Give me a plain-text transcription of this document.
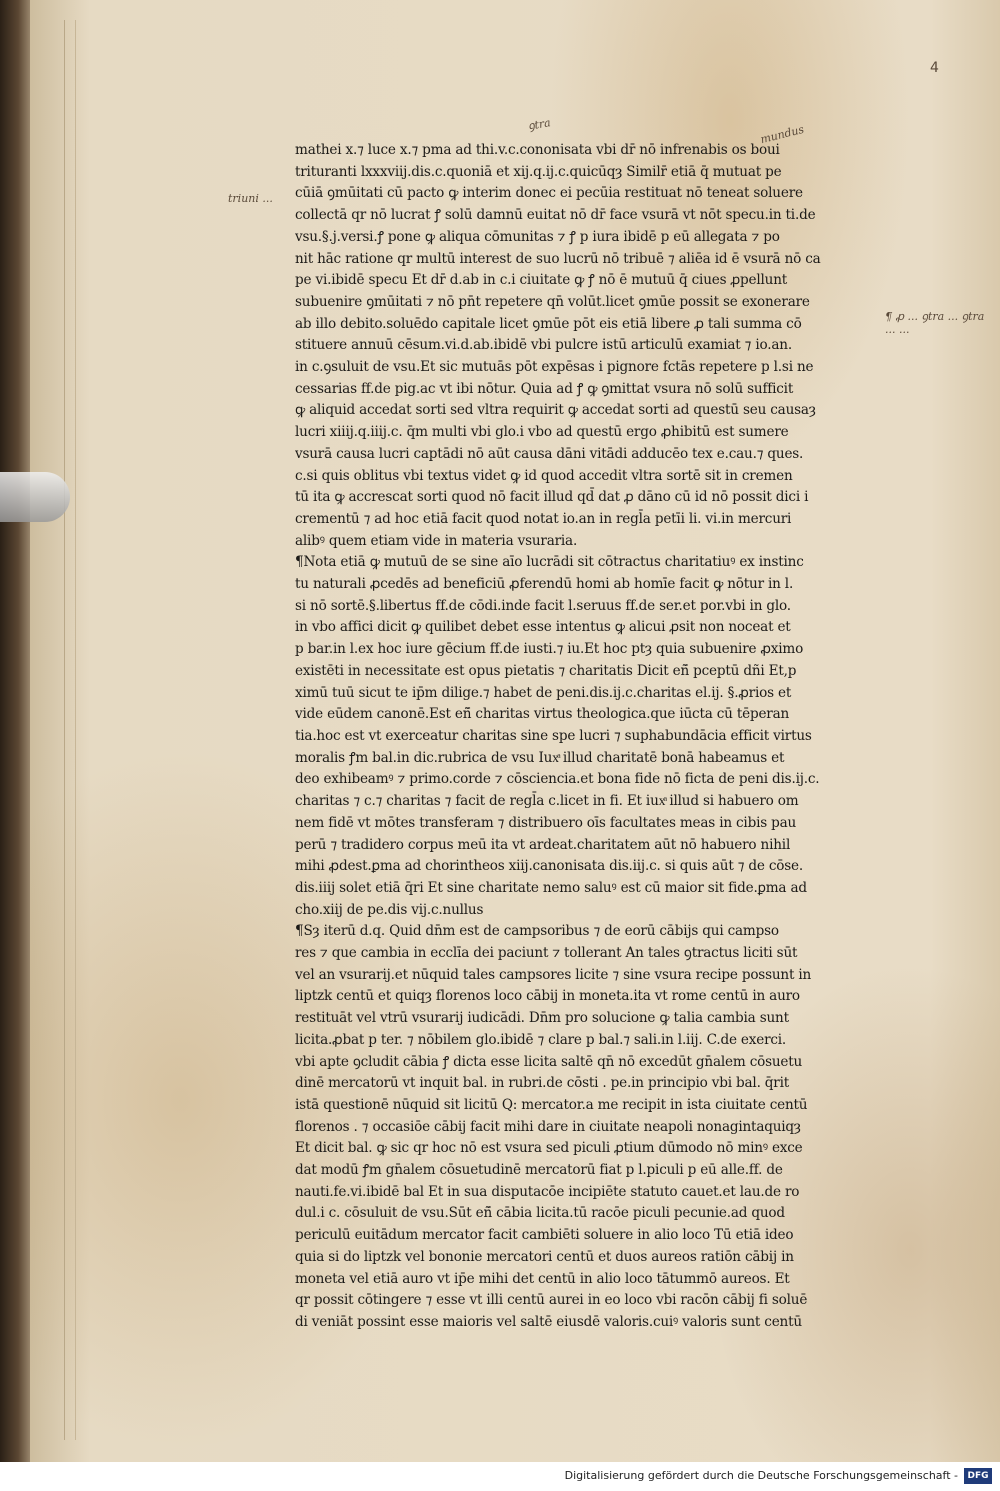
4
ꝯtra	mundus
triuni ...
¶ ꝓ ... ꝯtra ... ꝯtra ... ...

mathei x.⁊ luce x.⁊ pma ad thi.v.c.cononisata vbi dr̄ nō infrenabis os boui

trituranti lxxxviij.dis.c.quoniā et xij.q.ij.c.quicūqȝ Similr̄ etiā q̄ mutuat pe

cūiā ꝯmūitati cū pacto ꝙ interim donec ei pecūia restituat nō teneat soluere

collectā qr nō lucrat ꝭ solū damnū euitat nō dr̄ face vsurā vt nōt specu.in ti.de

vsu.§.j.versi.ꝭ pone ꝙ aliqua cōmunitas ⁊ ꝭ p iura ibidē p eū allegata ⁊ po

nit hāc ratione qr multū interest de suo lucrū nō tribuē ⁊ aliēa id ē vsurā nō ca

pe vi.ibidē specu Et dr̄ d.ab in c.i ciuitate ꝙ ꝭ nō ē mutuū q̄ ciues ꝓpellunt

subuenire ꝯmūitati ⁊ nō pn̄t repetere qn̄ volūt.licet ꝯmūe possit se exonerare

ab illo debito.soluēdo capitale licet ꝯmūe pōt eis etiā libere ꝓ tali summa cō

stituere annuū cēsum.vi.d.ab.ibidē vbi pulcre istū articulū examiat ⁊ io.an.

in c.ꝯsuluit de vsu.Et sic mutuās pōt expēsas i pignore fctās repetere p l.si ne

cessarias ff.de pig.ac vt ibi nōtur. Quia ad ꝭ ꝙ ꝯmittat vsura nō solū sufficit

ꝙ aliquid accedat sorti sed vltra requirit ꝙ accedat sorti ad questū seu causaȝ

lucri xiiij.q.iiij.c. q̄m multi vbi glo.i vbo ad questū ergo ꝓhibitū est sumere

vsurā causa lucri captādi nō aūt causa dāni vitādi adducēo tex e.cau.⁊ ques.

c.si quis oblitus vbi textus videt ꝙ id quod accedit vltra sortē sit in cremen

tū ita ꝙ accrescat sorti quod nō facit illud qd̄ dat ꝓ dāno cū id nō possit dici i

crementū ⁊ ad hoc etiā facit quod notat io.an in regl̄a petīi li. vi.in mercuri

alibꝰ quem etiam vide in materia vsuraria.

¶Nota etiā ꝙ mutuū de se sine aīo lucrādi sit cōtractus charitatiuꝰ ex instinc

tu naturali ꝓcedēs ad beneficiū ꝓferendū homi ab homīe facit ꝙ nōtur in l.

si nō sortē.§.libertus ff.de cōdi.inde facit l.seruus ff.de ser.et por.vbi in glo.

in vbo affici dicit ꝙ quilibet debet esse intentus ꝙ alicui ꝓsit non noceat et

p bar.in l.ex hoc iure gēcium ff.de iusti.⁊ iu.Et hoc ptȝ quia subuenire ꝓximo

existēti in necessitate est opus pietatis ⁊ charitatis Dicit eñ̄ pceptū dñi Et,p

ximū tuū sicut te ip̄m dilige.⁊ habet de peni.dis.ij.c.charitas el.ij. §.ꝓrios et

vide eūdem canonē.Est eñ̄ charitas virtus theologica.que iūcta cū tēperan

tia.hoc est vt exerceatur charitas sine spe lucri ⁊ suphabundācia efficit virtus

moralis ꝭm bal.in dic.rubrica de vsu Iuxͣ illud charitatē bonā habeamus et

deo exhibeamꝰ ⁊ primo.corde ⁊ cōsciencia.et bona fide nō ficta de peni dis.ij.c.

charitas ⁊ c.⁊ charitas ⁊ facit de regl̄a c.licet in fi. Et iuxͣ illud si habuero om

nem fidē vt mōtes transferam ⁊ distribuero oīs facultates meas in cibis pau

perū ⁊ tradidero corpus meū ita vt ardeat.charitatem aūt nō habuero nihil

mihi ꝓdest.ꝑma ad chorintheos xiij.canonisata dis.iij.c. si quis aūt ⁊ de cōse.

dis.iiij solet etiā q̄ri Et sine charitate nemo saluꝰ est cū maior sit fide.ꝑma ad

cho.xiij de pe.dis vij.c.nullus

¶Sȝ iterū d.q. Quid dn̄m est de campsoribus ⁊ de eorū cābijs qui campso

res ⁊ que cambia in ecclīa dei paciunt ⁊ tollerant An tales ꝯtractus liciti sūt

vel an vsurarij.et nūquid tales campsores licite ⁊ sine vsura recipe possunt in

liptzk centū et quiqȝ florenos loco cābij in moneta.ita vt rome centū in auro

restituāt vel vtrū vsurarij iudicādi. Dn̄m pro solucione ꝙ talia cambia sunt

licita.ꝓbat p ter. ⁊ nōbilem glo.ibidē ⁊ clare p bal.⁊ sali.in l.iij. C.de exerci.

vbi apte ꝯcludit cābia ꝭ dicta esse licita saltē qn̄ nō excedūt gn̄alem cōsuetu

dinē mercatorū vt inquit bal. in rubri.de cōsti . pe.in principio vbi bal. q̄rit

istā questionē nūquid sit licitū Q: mercator.a me recipit in ista ciuitate centū

florenos . ⁊ occasiōe cābij facit mihi dare in ciuitate neapoli nonagintaquiqȝ

Et dicit bal. ꝙ sic qr hoc nō est vsura sed piculi ꝓtium dūmodo nō minꝰ exce

dat modū ꝭm gn̄alem cōsuetudinē mercatorū fiat p l.piculi p eū alle.ff. de

nauti.fe.vi.ibidē bal Et in sua disputacōe incipiēte statuto cauet.et lau.de ro

dul.i c. cōsuluit de vsu.Sūt eñ̄ cābia licita.tū racōe piculi pecunie.ad quod

periculū euitādum mercator facit cambiēti soluere in alio loco Tū etiā ideo

quia si do liptzk vel bononie mercatori centū et duos aureos ratiōn cābij in

moneta vel etiā auro vt ip̄e mihi det centū in alio loco tātummō aureos. Et

qr possit cōtingere ⁊ esse vt illi centū aurei in eo loco vbi racōn cābij fi soluē

di veniāt possint esse maioris vel saltē eiusdē valoris.cuiꝰ valoris sunt centū

Digitalisierung gefördert durch die Deutsche Forschungsgemeinschaft -	DFG
